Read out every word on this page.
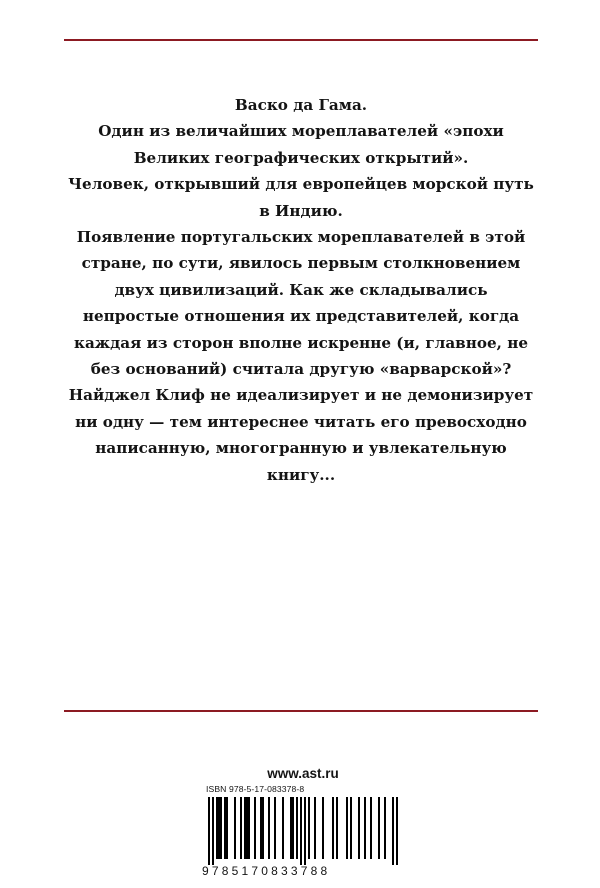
Васко да Гама.

Один из величайших мореплавателей «эпохи Великих географических открытий».

Человек, открывший для европейцев морской путь в Индию.

Появление португальских мореплавателей в этой стране, по сути, явилось первым столкновением двух цивилизаций. Как же складывались непростые отношения их представителей, когда каждая из сторон вполне искренне (и, главное, не без оснований) считала другую «варварской»?

Найджел Клиф не идеализирует и не демонизирует ни одну — тем интереснее читать его превосходно написанную, многогранную и увлекательную книгу...

www.ast.ru
ISBN 978-5-17-083378-8
9785170833788
